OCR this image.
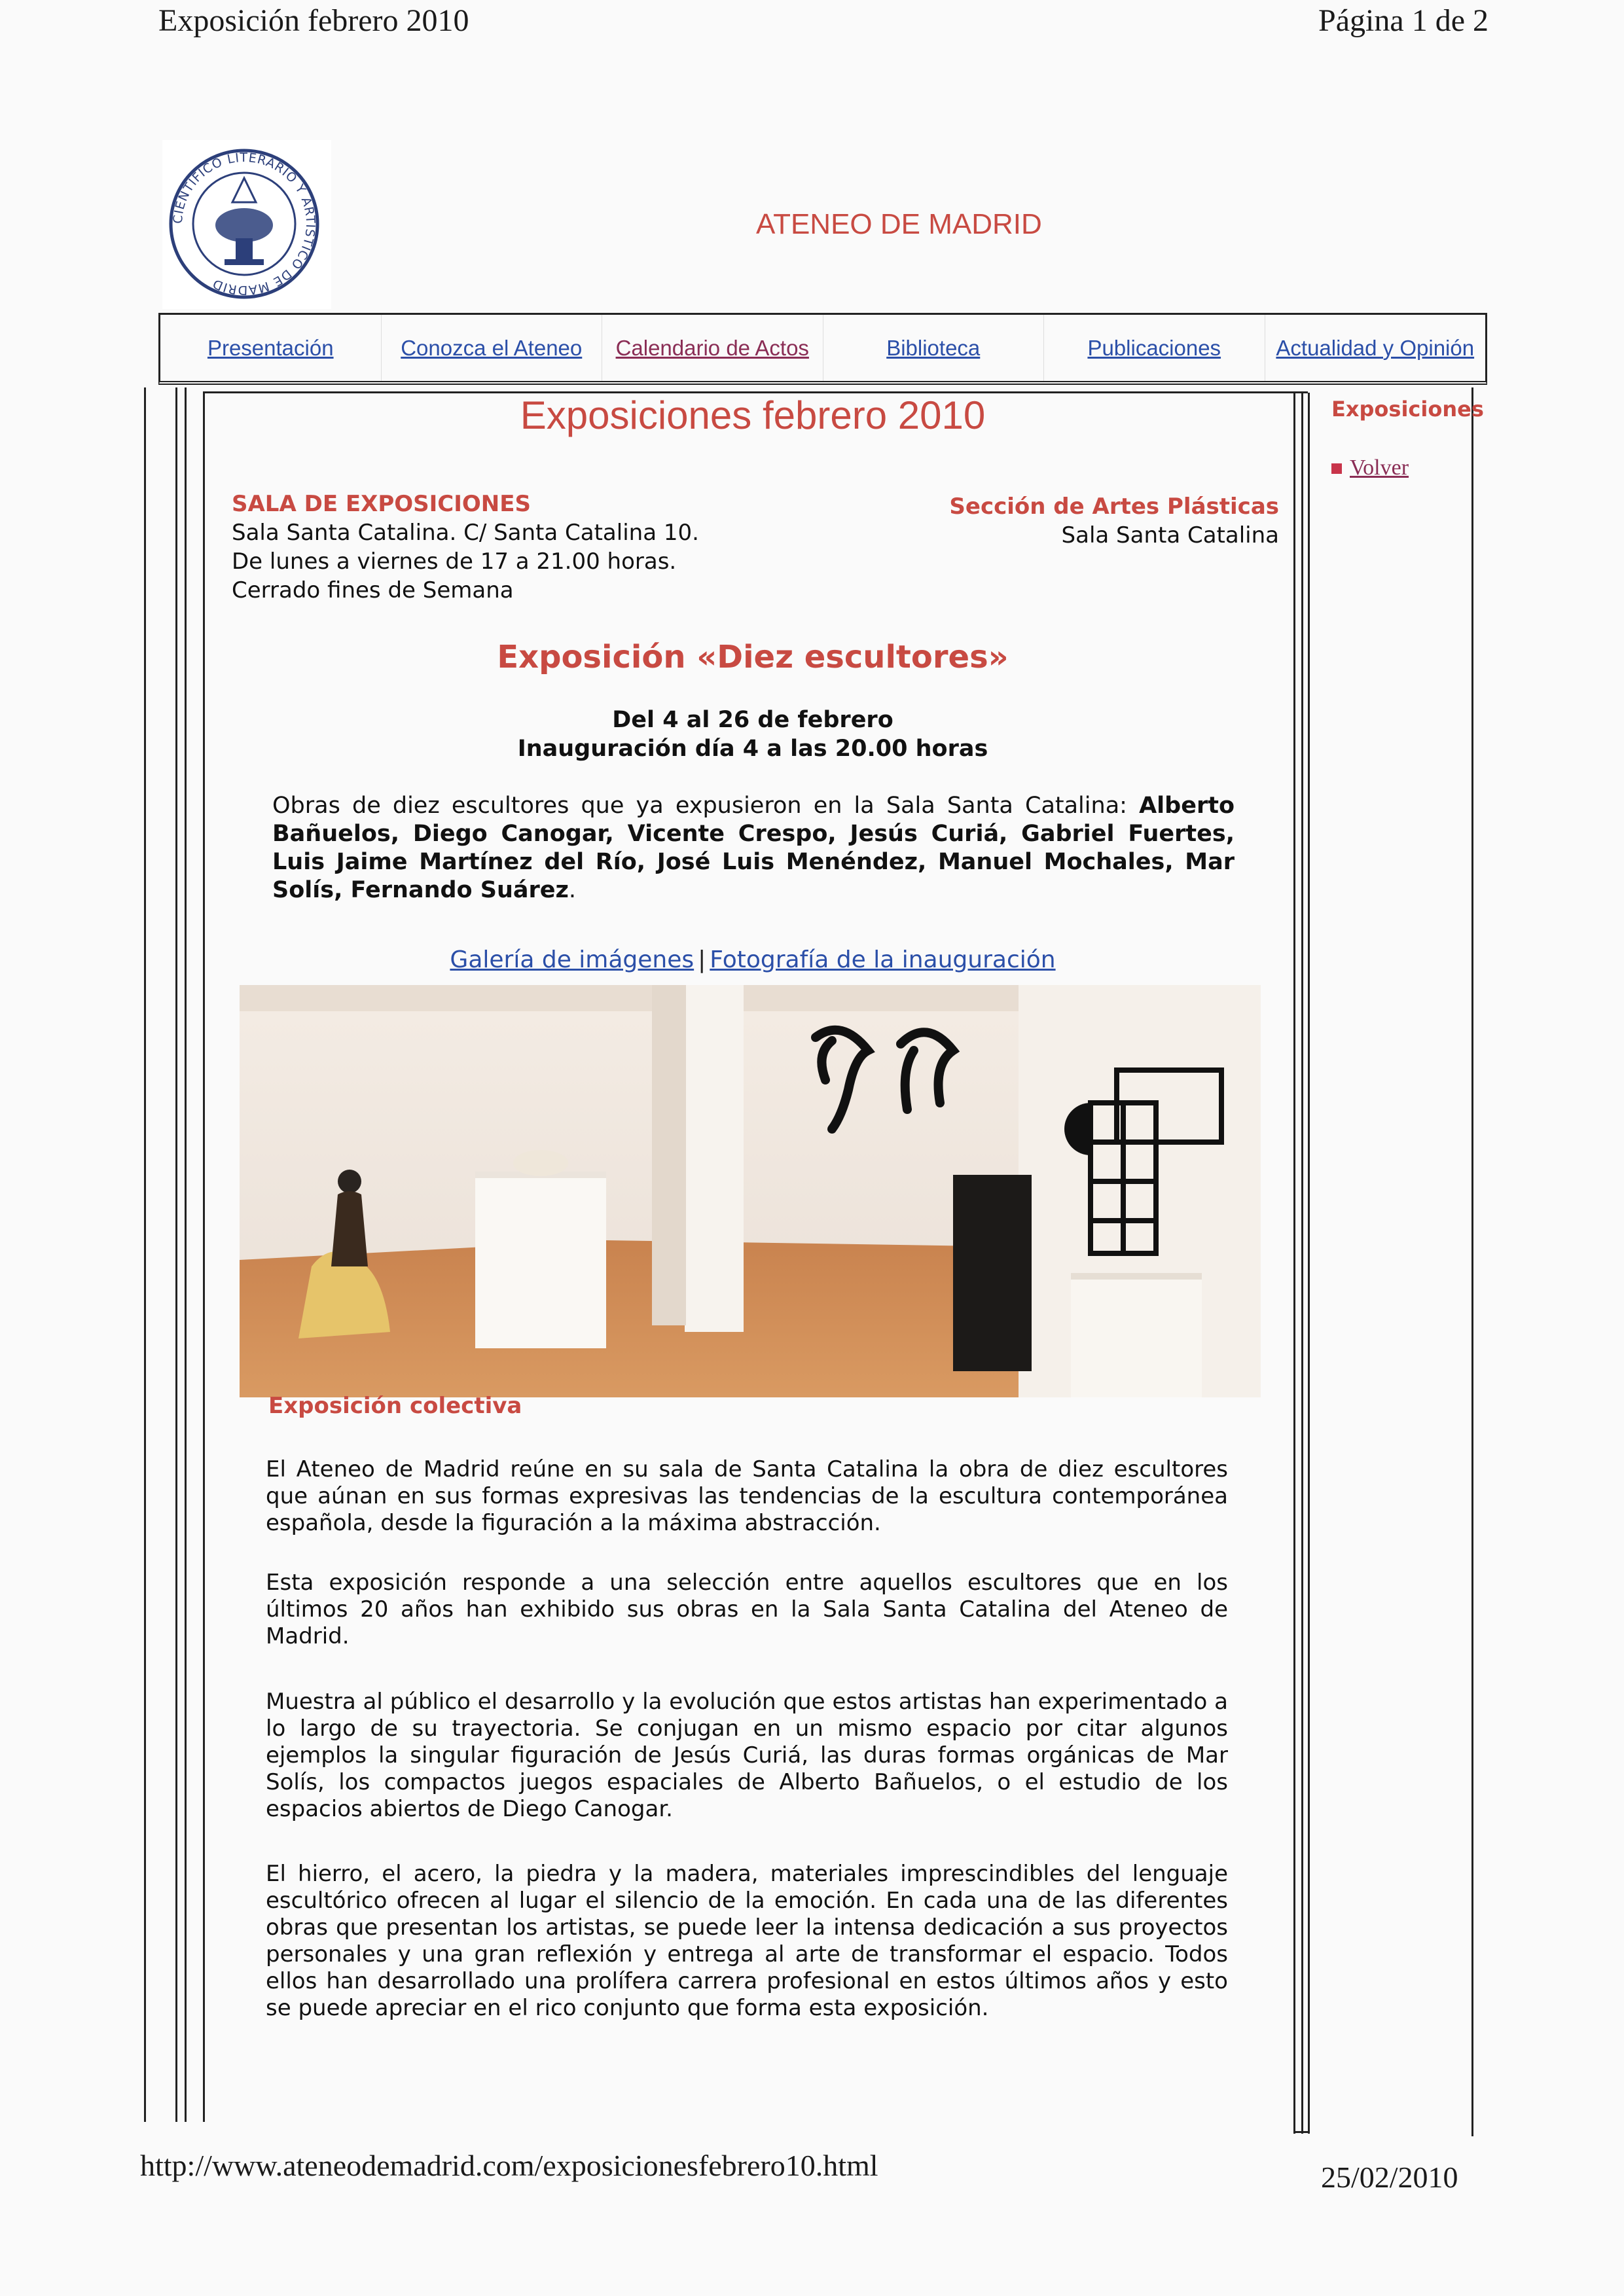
Exposición febrero 2010	Página 1 de 2
CIENTIFICO LITERARIO Y ARTISTICO DE MADRID
ATENEO DE MADRID
Presentación	Conozca el Ateneo	Calendario de Actos	Biblioteca	Publicaciones	Actualidad y Opinión
Exposiciones
Volver
Exposiciones febrero 2010
SALA DE EXPOSICIONES
Sala Santa Catalina. C/ Santa Catalina 10.
De lunes a viernes de 17 a 21.00 horas.
Cerrado fines de Semana
Sección de Artes Plásticas
Sala Santa Catalina
Exposición «Diez escultores»
Del 4 al 26 de febrero
Inauguración día 4 a las 20.00 horas
Obras de diez escultores que ya expusieron en la Sala Santa Catalina: Alberto Bañuelos, Diego Canogar, Vicente Crespo, Jesús Curiá, Gabriel Fuertes, Luis Jaime Martínez del Río, José Luis Menéndez, Manuel Mochales, Mar Solís, Fernando Suárez.
Galería de imágenes | Fotografía de la inauguración
Exposición colectiva
El Ateneo de Madrid reúne en su sala de Santa Catalina la obra de diez escultores que aúnan en sus formas expresivas las tendencias de la escultura contemporánea española, desde la figuración a la máxima abstracción.
Esta exposición responde a una selección entre aquellos escultores que en los últimos 20 años han exhibido sus obras en la Sala Santa Catalina del Ateneo de Madrid.
Muestra al público el desarrollo y la evolución que estos artistas han experimentado a lo largo de su trayectoria. Se conjugan en un mismo espacio por citar algunos ejemplos la singular figuración de Jesús Curiá, las duras formas orgánicas de Mar Solís, los compactos juegos espaciales de Alberto Bañuelos, o el estudio de los espacios abiertos de Diego Canogar.
El hierro, el acero, la piedra y la madera, materiales imprescindibles del lenguaje escultórico ofrecen al lugar el silencio de la emoción. En cada una de las diferentes obras que presentan los artistas, se puede leer la intensa dedicación a sus proyectos personales y una gran reflexión y entrega al arte de transformar el espacio. Todos ellos han desarrollado una prolífera carrera profesional en estos últimos años y esto se puede apreciar en el rico conjunto que forma esta exposición.
http://www.ateneodemadrid.com/exposicionesfebrero10.html	25/02/2010
